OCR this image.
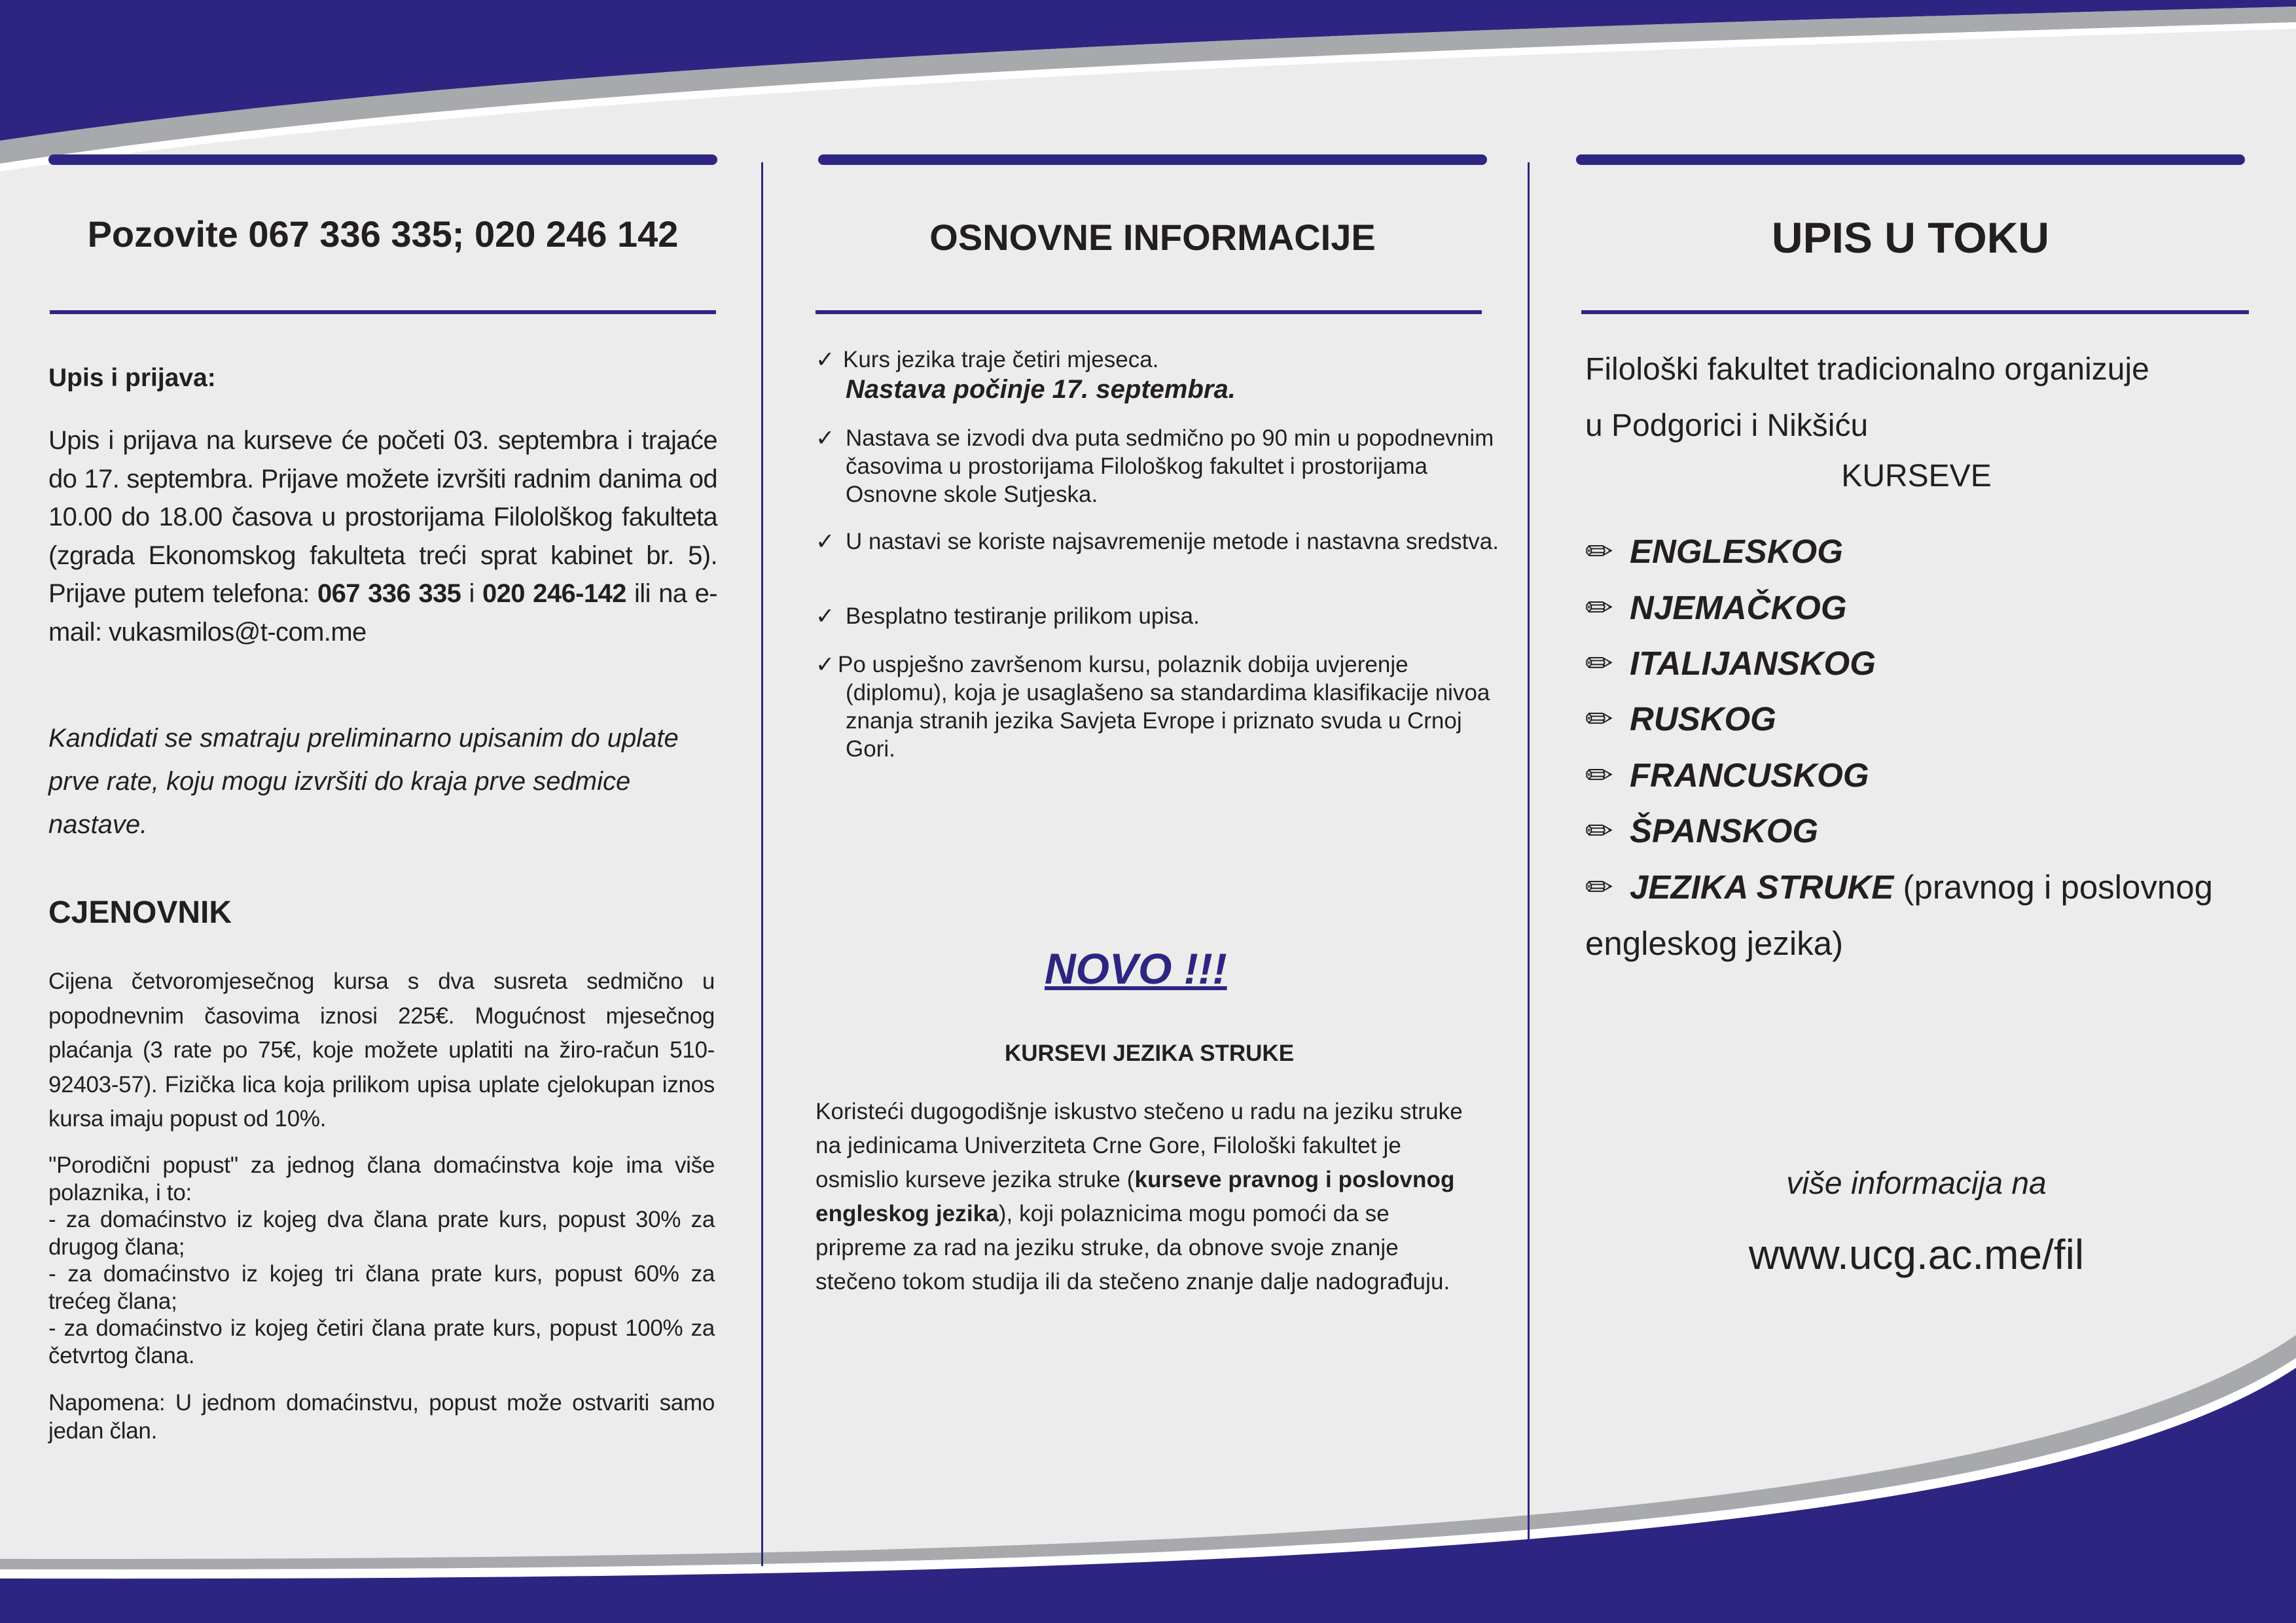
Pozovite 067 336 335; 020 246 142
Upis i prijava:
Upis i prijava na kurseve će početi 03. septembra i trajaće do 17. septembra. Prijave možete izvršiti radnim danima od 10.00 do 18.00 časova u prostorijama Filololškog fakulteta (zgrada Ekonomskog fakulteta treći sprat kabinet br. 5). Prijave putem telefona: 067 336 335 i 020 246-142 ili na e-mail: vukasmilos@t-com.me
Kandidati se smatraju preliminarno upisanim do uplate prve rate, koju mogu izvršiti do kraja prve sedmice nastave.
CJENOVNIK
Cijena četvoromjesečnog kursa s dva susreta sedmično u popodnevnim časovima iznosi 225€. Mogućnost mjesečnog plaćanja (3 rate po 75€, koje možete uplatiti na žiro-račun 510-92403-57). Fizička lica koja prilikom upisa uplate cjelokupan iznos kursa imaju popust od 10%.
"Porodični popust" za jednog člana domaćinstva koje ima više polaznika, i to:
- za domaćinstvo iz kojeg dva člana prate kurs, popust 30% za drugog člana;
- za domaćinstvo iz kojeg tri člana prate kurs, popust 60% za trećeg člana;
- za domaćinstvo iz kojeg četiri člana prate kurs, popust 100% za četvrtog člana.
Napomena: U jednom domaćinstvu, popust može ostvariti samo jedan član.
OSNOVNE INFORMACIJE
✓ Kurs jezika traje četiri mjeseca.
Nastava počinje 17. septembra.
✓ Nastava se izvodi dva puta sedmično po 90 min u popodnevnim časovima u prostorijama Filološkog fakultet i prostorijama Osnovne skole Sutjeska.
✓ U nastavi se koriste najsavremenije metode i nastavna sredstva.
✓ Besplatno testiranje prilikom upisa.
✓ Po uspješno završenom kursu, polaznik dobija uvjerenje (diplomu), koja je usaglašeno sa standardima klasifikacije nivoa znanja stranih jezika Savjeta Evrope i priznato svuda u Crnoj Gori.
NOVO !!!
KURSEVI JEZIKA STRUKE
Koristeći dugogodišnje iskustvo stečeno u radu na jeziku struke na jedinicama Univerziteta Crne Gore, Filološki fakultet je osmislio kurseve jezika struke (kurseve pravnog i poslovnog engleskog jezika), koji polaznicima mogu pomoći da se pripreme za rad na jeziku struke, da obnove svoje znanje stečeno tokom studija ili da stečeno znanje dalje nadograđuju.
UPIS U TOKU
Filološki fakultet tradicionalno organizuje
u Podgorici i Nikšiću
KURSEVE
✏ ENGLESKOG
✏ NJEMAČKOG
✏ ITALIJANSKOG
✏ RUSKOG
✏ FRANCUSKOG
✏ ŠPANSKOG
✏ JEZIKA STRUKE (pravnog i poslovnog engleskog jezika)
više informacija na
www.ucg.ac.me/fil
